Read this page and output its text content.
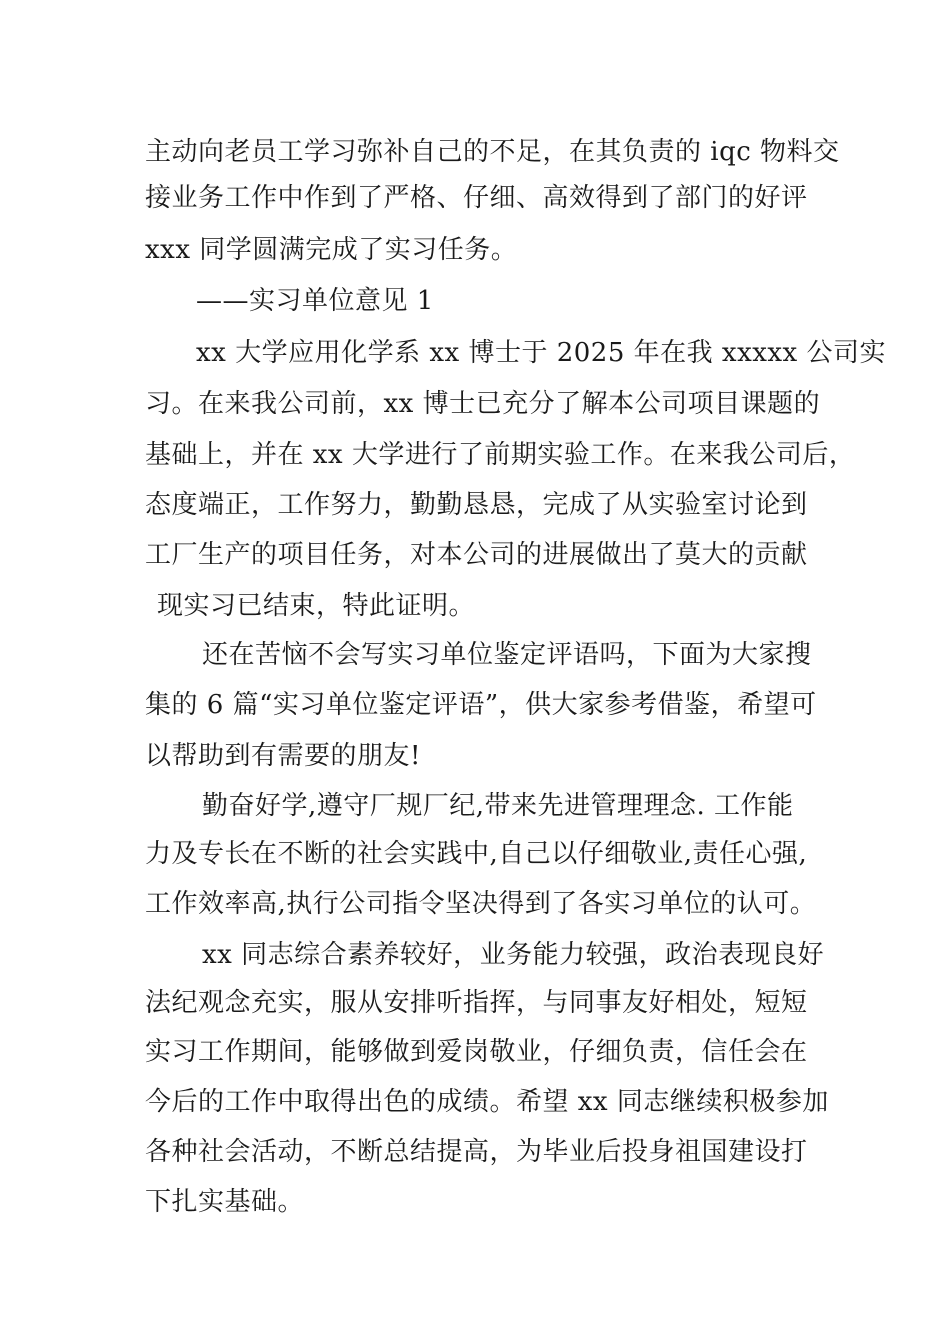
主动向老员工学习弥补自己的不足，在其负责的 iqc 物料交
接业务工作中作到了严格、仔细、高效得到了部门的好评
xxx 同学圆满完成了实习任务。
——实习单位意见 1
xx 大学应用化学系 xx 博士于 2025 年在我 xxxxx 公司实
习。在来我公司前，xx 博士已充分了解本公司项目课题的
基础上，并在 xx 大学进行了前期实验工作。在来我公司后，
态度端正，工作努力，勤勤恳恳，完成了从实验室讨论到
工厂生产的项目任务，对本公司的进展做出了莫大的贡献
现实习已结束，特此证明。
还在苦恼不会写实习单位鉴定评语吗，下面为大家搜
集的 6 篇“实习单位鉴定评语”，供大家参考借鉴，希望可
以帮助到有需要的朋友!
勤奋好学,遵守厂规厂纪,带来先进管理理念. 工作能
力及专长在不断的社会实践中,自己以仔细敬业,责任心强,
工作效率高,执行公司指令坚决得到了各实习单位的认可。
xx 同志综合素养较好，业务能力较强，政治表现良好
法纪观念充实，服从安排听指挥，与同事友好相处，短短
实习工作期间，能够做到爱岗敬业，仔细负责，信任会在
今后的工作中取得出色的成绩。希望 xx 同志继续积极参加
各种社会活动，不断总结提高，为毕业后投身祖国建设打
下扎实基础。
